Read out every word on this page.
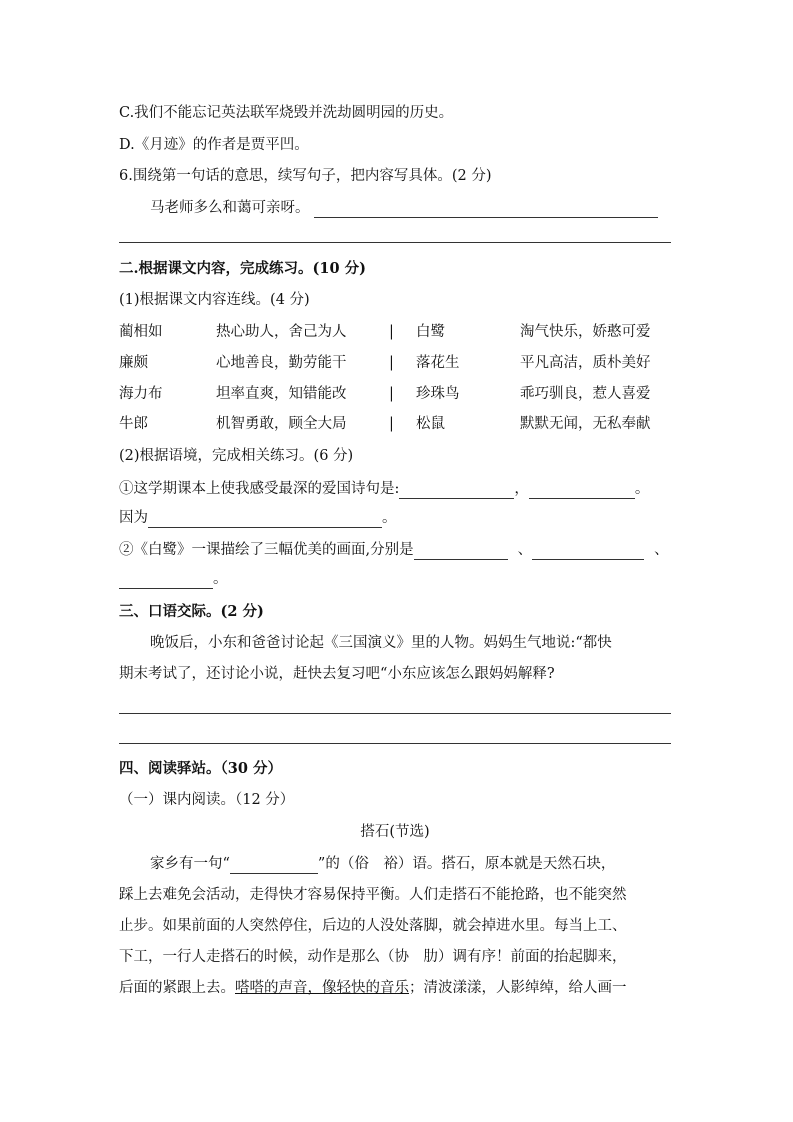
C.我们不能忘记英法联军烧毁并洗劫圆明园的历史。
D.《月迹》的作者是贾平凹。
6.围绕第一句话的意思，续写句子，把内容写具体。(2 分)
马老师多么和蔼可亲呀。
二.根据课文内容，完成练习。(10 分)
(1)根据课文内容连线。(4 分)
蔺相如	热心助人，舍己为人	| 白鹭	淘气快乐，娇憨可爱
廉颇	心地善良，勤劳能干	| 落花生	平凡高洁，质朴美好
海力布	坦率直爽，知错能改	| 珍珠鸟	乖巧驯良，惹人喜爱
牛郎	机智勇敢，顾全大局	| 松鼠	默默无闻，无私奉献
(2)根据语境，完成相关练习。(6 分)
①这学期课本上使我感受最深的爱国诗句是:	，	。
因为	。
②《白鹭》一课描绘了三幅优美的画面,分别是	、	、
。
三、口语交际。(2 分)
晚饭后，小东和爸爸讨论起《三国演义》里的人物。妈妈生气地说:“都快
期末考试了，还讨论小说，赶快去复习吧“小东应该怎么跟妈妈解释?
四、阅读驿站。（30 分）
（一）课内阅读。（12 分）
搭石(节选)
家乡有一句“	”的（俗　裕）语。搭石，原本就是天然石块，
踩上去难免会活动，走得快才容易保持平衡。人们走搭石不能抢路，也不能突然
止步。如果前面的人突然停住，后边的人没处落脚，就会掉进水里。每当上工、
下工，一行人走搭石的时候，动作是那么（协　肋）调有序！前面的抬起脚来，
后面的紧跟上去。嗒嗒的声音，像轻快的音乐；清波漾漾，人影绰绰，给人画一
